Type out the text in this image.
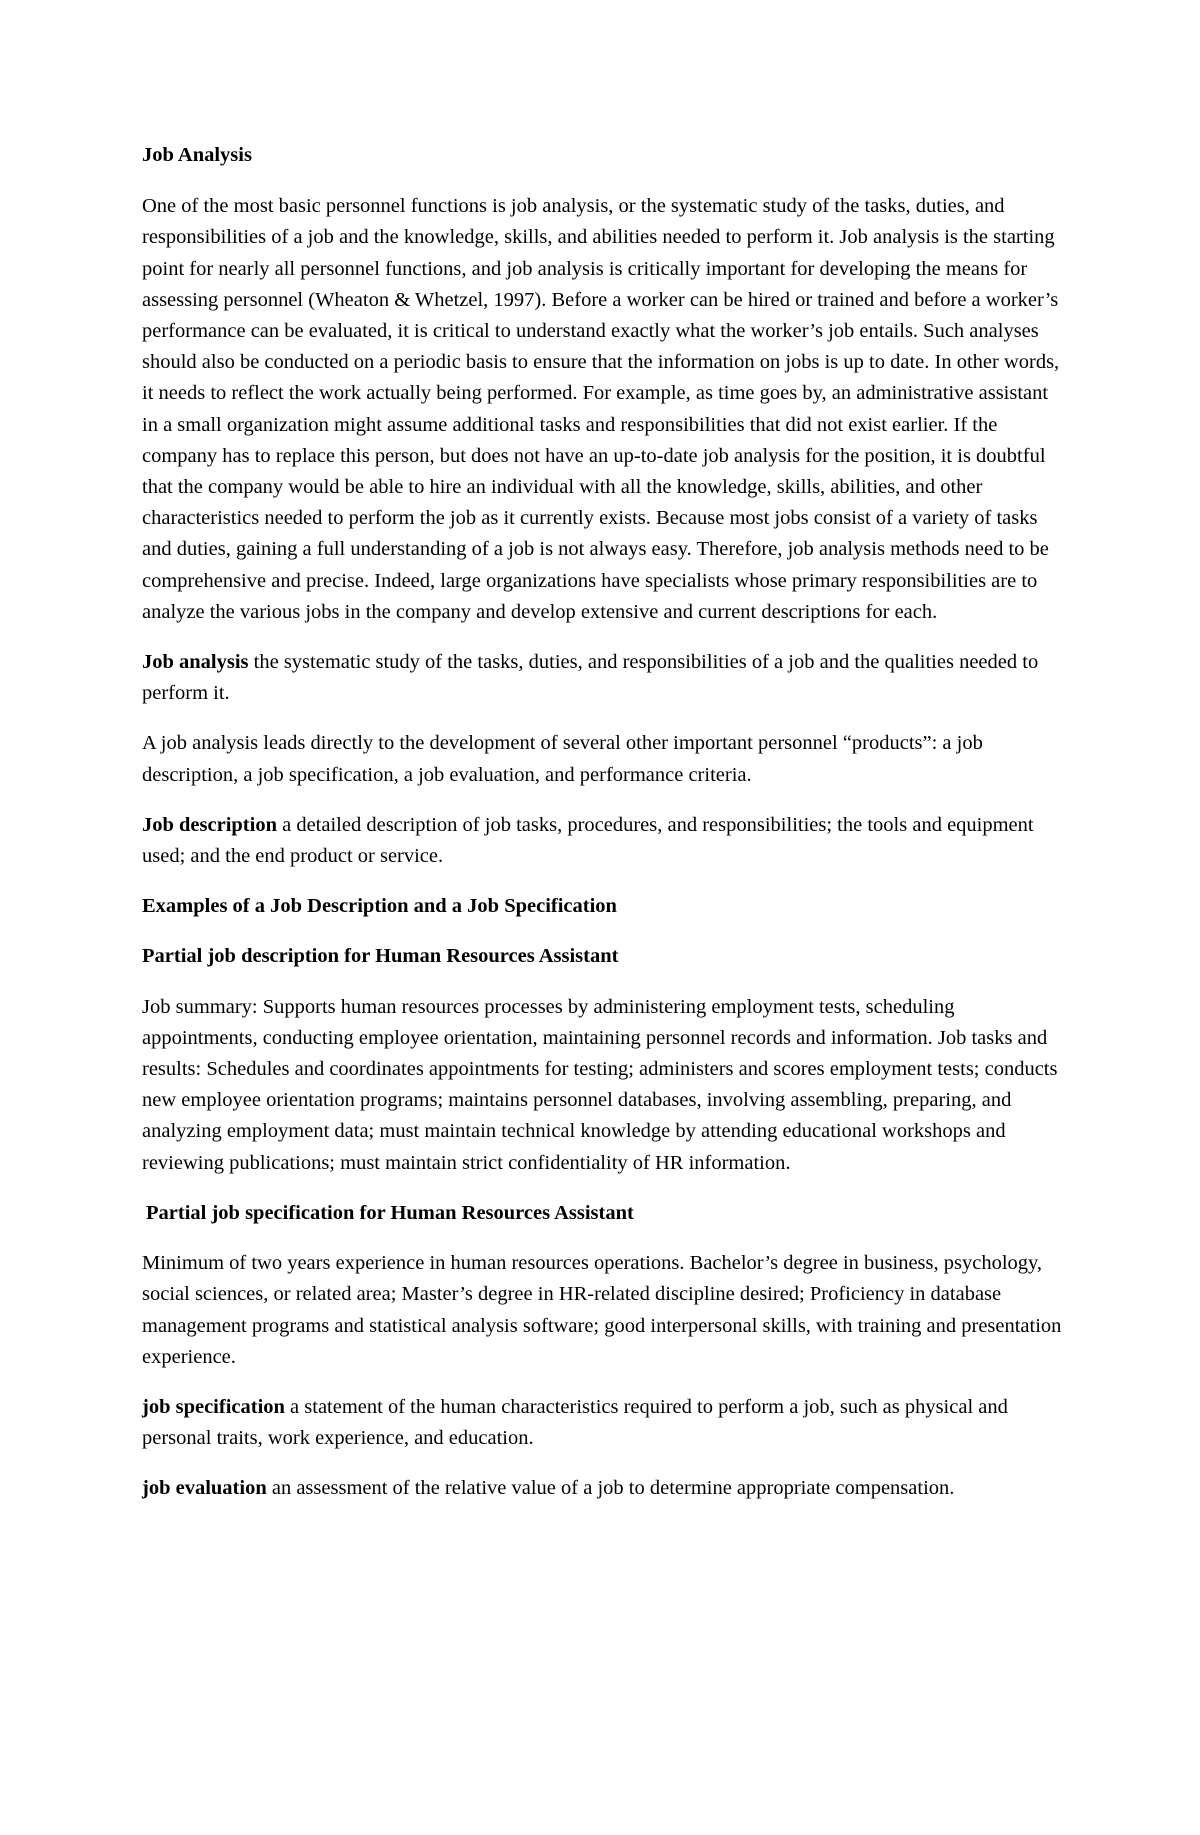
Job Analysis

One of the most basic personnel functions is job analysis, or the systematic study of the tasks, duties, and responsibilities of a job and the knowledge, skills, and abilities needed to perform it. Job analysis is the starting point for nearly all personnel functions, and job analysis is critically important for developing the means for assessing personnel (Wheaton & Whetzel, 1997). Before a worker can be hired or trained and before a worker’s performance can be evaluated, it is critical to understand exactly what the worker’s job entails. Such analyses should also be conducted on a periodic basis to ensure that the information on jobs is up to date. In other words, it needs to reflect the work actually being performed. For example, as time goes by, an administrative assistant in a small organization might assume additional tasks and responsibilities that did not exist earlier. If the company has to replace this person, but does not have an up-to-date job analysis for the position, it is doubtful that the company would be able to hire an individual with all the knowledge, skills, abilities, and other characteristics needed to perform the job as it currently exists. Because most jobs consist of a variety of tasks and duties, gaining a full understanding of a job is not always easy. Therefore, job analysis methods need to be comprehensive and precise. Indeed, large organizations have specialists whose primary responsibilities are to analyze the various jobs in the company and develop extensive and current descriptions for each.

Job analysis the systematic study of the tasks, duties, and responsibilities of a job and the qualities needed to perform it.

A job analysis leads directly to the development of several other important personnel “products”: a job description, a job specification, a job evaluation, and performance criteria.

Job description a detailed description of job tasks, procedures, and responsibilities; the tools and equipment used; and the end product or service.

Examples of a Job Description and a Job Specification

Partial job description for Human Resources Assistant

Job summary: Supports human resources processes by administering employment tests, scheduling appointments, conducting employee orientation, maintaining personnel records and information. Job tasks and results: Schedules and coordinates appointments for testing; administers and scores employment tests; conducts new employee orientation programs; maintains personnel databases, involving assembling, preparing, and analyzing employment data; must maintain technical knowledge by attending educational workshops and reviewing publications; must maintain strict confidentiality of HR information.

Partial job specification for Human Resources Assistant

Minimum of two years experience in human resources operations. Bachelor’s degree in business, psychology, social sciences, or related area; Master’s degree in HR-related discipline desired; Proficiency in database management programs and statistical analysis software; good interpersonal skills, with training and presentation experience.

job specification a statement of the human characteristics required to perform a job, such as physical and personal traits, work experience, and education.

job evaluation an assessment of the relative value of a job to determine appropriate compensation.
